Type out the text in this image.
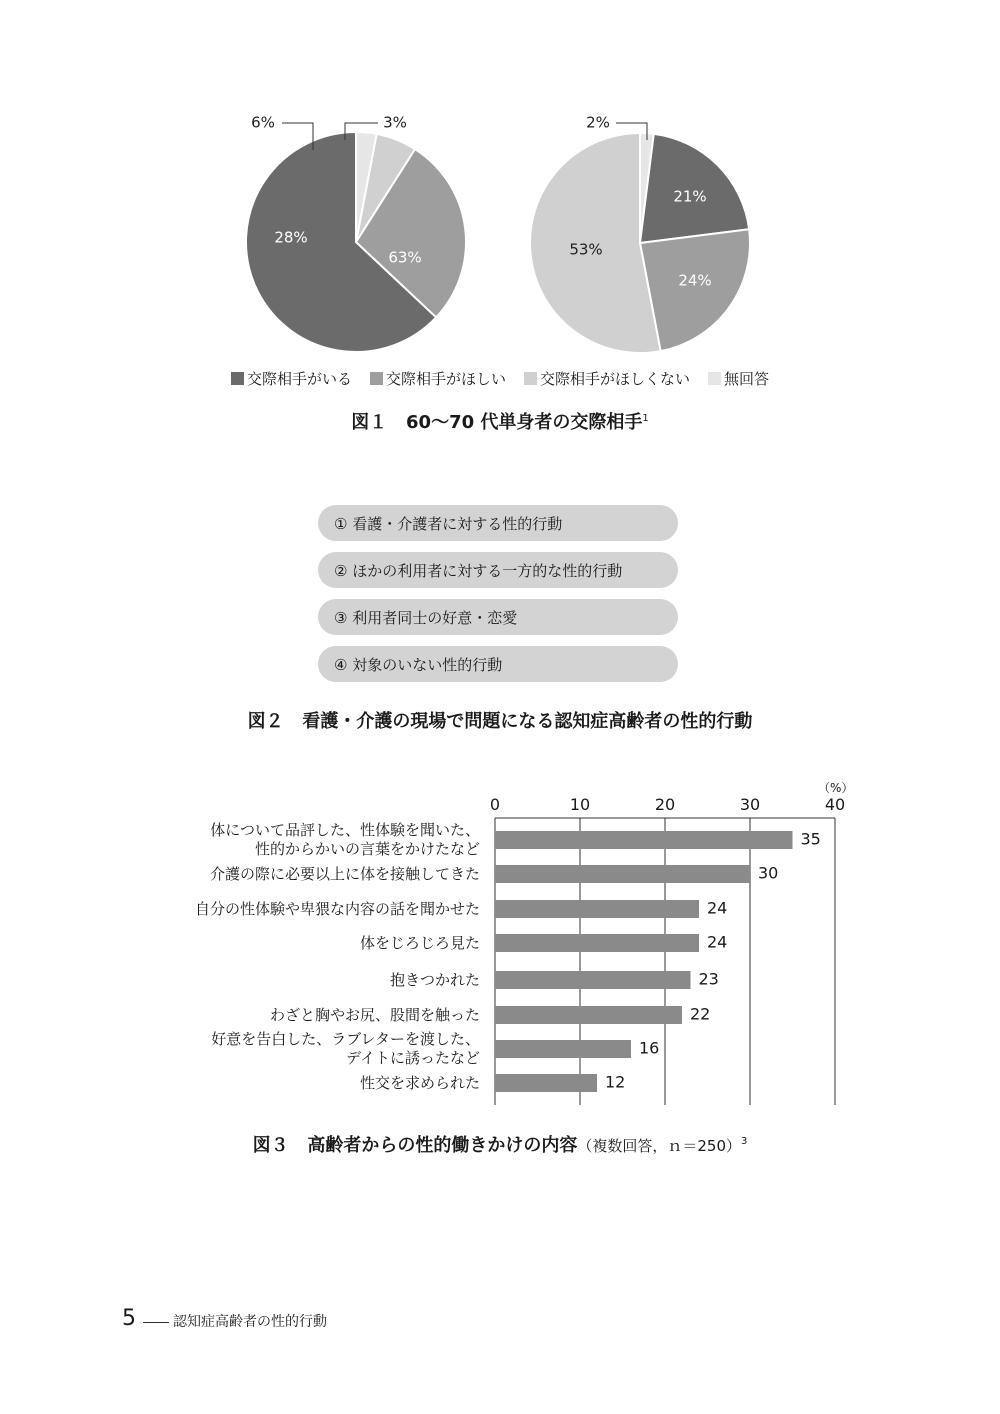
63%
28%
6%	3%
21%
24%
53%
2%
交際相手がいる 交際相手がほしい 交際相手がほしくない 無回答
図１ 60〜70 代単身者の交際相手$^1$
① 看護・介護者に対する性的行動
② ほかの利用者に対する一方的な性的行動
③ 利用者同士の好意・恋愛
④ 対象のいない性的行動
図２ 看護・介護の現場で問題になる認知症高齢者の性的行動
35
30
24
24
23
22
16
12
体について品評した、性体験を聞いた、
性的からかいの言葉をかけたなど
介護の際に必要以上に体を接触してきた
自分の性体験や卑猥な内容の話を聞かせた
体をじろじろ見た
抱きつかれた
わざと胸やお尻、股間を触った
好意を告白した、ラブレターを渡した、
デイトに誘ったなど
性交を求められた
0	10	20	30	40
（%）
図３ 高齢者からの性的働きかけの内容（複数回答，ｎ＝250）$^3$
5	認知症高齢者の性的行動
